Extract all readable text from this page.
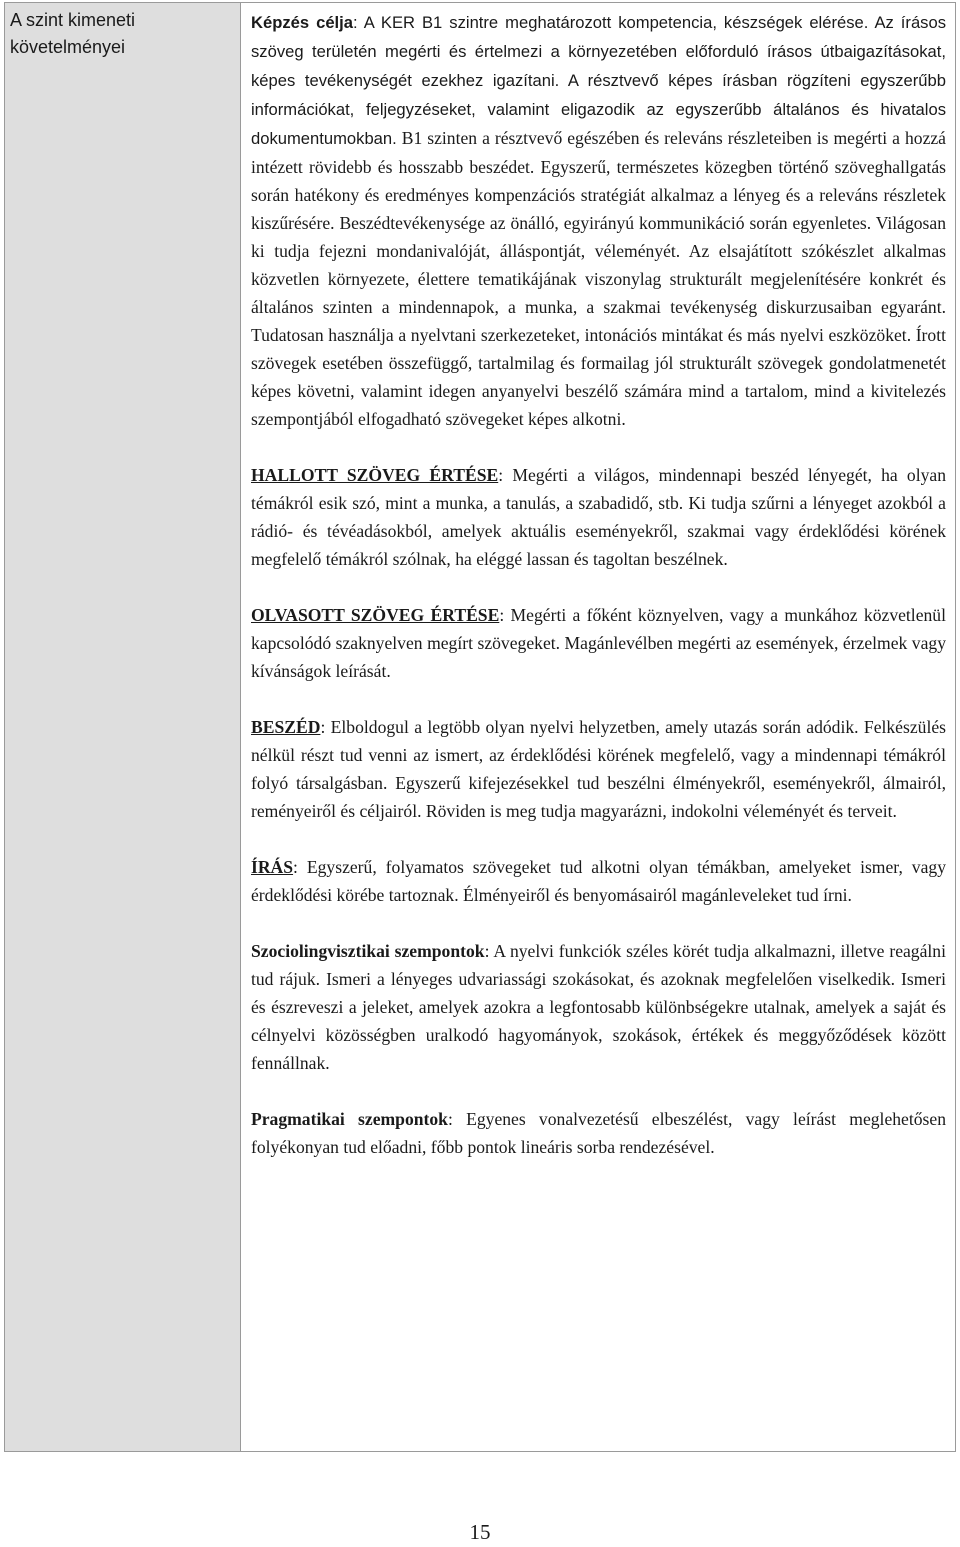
A szint kimeneti követelményei

Képzés célja: A KER B1 szintre meghatározott kompetencia, készségek elérése. Az írásos szöveg területén megérti és értelmezi a környezetében előforduló írásos útbaigazításokat, képes tevékenységét ezekhez igazítani. A résztvevő képes írásban rögzíteni egyszerűbb információkat, feljegyzéseket, valamint eligazodik az egyszerűbb általános és hivatalos dokumentumokban. B1 szinten a résztvevő egészében és releváns részleteiben is megérti a hozzá intézett rövidebb és hosszabb beszédet. Egyszerű, természetes közegben történő szöveghallgatás során hatékony és eredményes kompenzációs stratégiát alkalmaz a lényeg és a releváns részletek kiszűrésére. Beszédtevékenysége az önálló, egyirányú kommunikáció során egyenletes. Világosan ki tudja fejezni mondanivalóját, álláspontját, véleményét. Az elsajátított szókészlet alkalmas közvetlen környezete, élettere tematikájának viszonylag strukturált megjelenítésére konkrét és általános szinten a mindennapok, a munka, a szakmai tevékenység diskurzusaiban egyaránt. Tudatosan használja a nyelvtani szerkezeteket, intonációs mintákat és más nyelvi eszközöket. Írott szövegek esetében összefüggő, tartalmilag és formailag jól strukturált szövegek gondolatmenetét képes követni, valamint idegen anyanyelvi beszélő számára mind a tartalom, mind a kivitelezés szempontjából elfogadható szövegeket képes alkotni.

HALLOTT SZÖVEG ÉRTÉSE: Megérti a világos, mindennapi beszéd lényegét, ha olyan témákról esik szó, mint a munka, a tanulás, a szabadidő, stb. Ki tudja szűrni a lényeget azokból a rádió- és tévéadásokból, amelyek aktuális eseményekről, szakmai vagy érdeklődési körének megfelelő témákról szólnak, ha eléggé lassan és tagoltan beszélnek.

OLVASOTT SZÖVEG ÉRTÉSE: Megérti a főként köznyelven, vagy a munkához közvetlenül kapcsolódó szaknyelven megírt szövegeket. Magánlevélben megérti az események, érzelmek vagy kívánságok leírását.

BESZÉD: Elboldogul a legtöbb olyan nyelvi helyzetben, amely utazás során adódik. Felkészülés nélkül részt tud venni az ismert, az érdeklődési körének megfelelő, vagy a mindennapi témákról folyó társalgásban. Egyszerű kifejezésekkel tud beszélni élményekről, eseményekről, álmairól, reményeiről és céljairól. Röviden is meg tudja magyarázni, indokolni véleményét és terveit.

ÍRÁS: Egyszerű, folyamatos szövegeket tud alkotni olyan témákban, amelyeket ismer, vagy érdeklődési körébe tartoznak. Élményeiről és benyomásairól magánleveleket tud írni.

Szociolingvisztikai szempontok: A nyelvi funkciók széles körét tudja alkalmazni, illetve reagálni tud rájuk. Ismeri a lényeges udvariassági szokásokat, és azoknak megfelelően viselkedik. Ismeri és észreveszi a jeleket, amelyek azokra a legfontosabb különbségekre utalnak, amelyek a saját és célnyelvi közösségben uralkodó hagyományok, szokások, értékek és meggyőződések között fennállnak.

Pragmatikai szempontok: Egyenes vonalvezetésű elbeszélést, vagy leírást meglehetősen folyékonyan tud előadni, főbb pontok lineáris sorba rendezésével.

15
